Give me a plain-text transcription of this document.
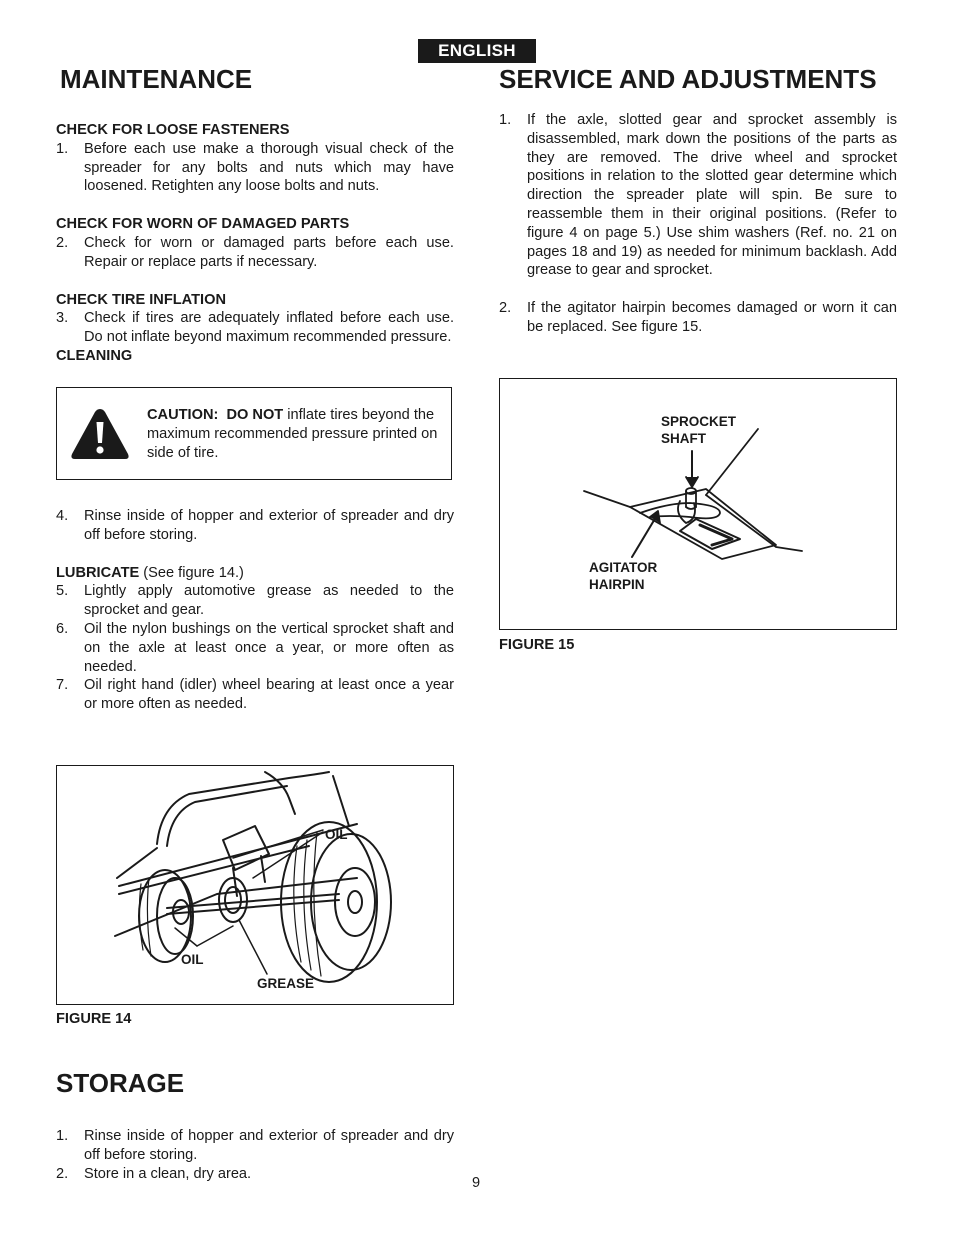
ENGLISH
MAINTENANCE
CHECK FOR LOOSE FASTENERS
1. Before each use make a thorough visual check of the spreader for any bolts and nuts which may have loosened. Retighten any loose bolts and nuts.
CHECK FOR WORN OF DAMAGED PARTS
2. Check for worn or damaged parts before each use. Repair or replace parts if necessary.
CHECK TIRE INFLATION
3. Check if tires are adequately inflated before each use. Do not inflate beyond maximum recommended pressure.
CLEANING
CAUTION: DO NOT inflate tires beyond the maximum recommended pressure printed on side of tire.
4. Rinse inside of hopper and exterior of spreader and dry off before storing.
LUBRICATE (See figure 14.)
5. Lightly apply automotive grease as needed to the sprocket and gear.
6. Oil the nylon bushings on the vertical sprocket shaft and on the axle at least once a year, or more often as needed.
7. Oil right hand (idler) wheel bearing at least once a year or more often as needed.
OIL
OIL
GREASE
FIGURE 14
STORAGE
1. Rinse inside of hopper and exterior of spreader and dry off before storing.
2. Store in a clean, dry area.
SERVICE AND ADJUSTMENTS
1. If the axle, slotted gear and sprocket assembly is disassembled, mark down the positions of the parts as they are removed. The drive wheel and sprocket positions in relation to the slotted gear determine which direction the spreader plate will spin. Be sure to reassemble them in their original positions. (Refer to figure 4 on page 5.) Use shim washers (Ref. no. 21 on pages 18 and 19) as needed for minimum backlash. Add grease to gear and sprocket.
2. If the agitator hairpin becomes damaged or worn it can be replaced. See figure 15.
SPROCKET
SHAFT
AGITATOR
HAIRPIN
FIGURE 15
9
